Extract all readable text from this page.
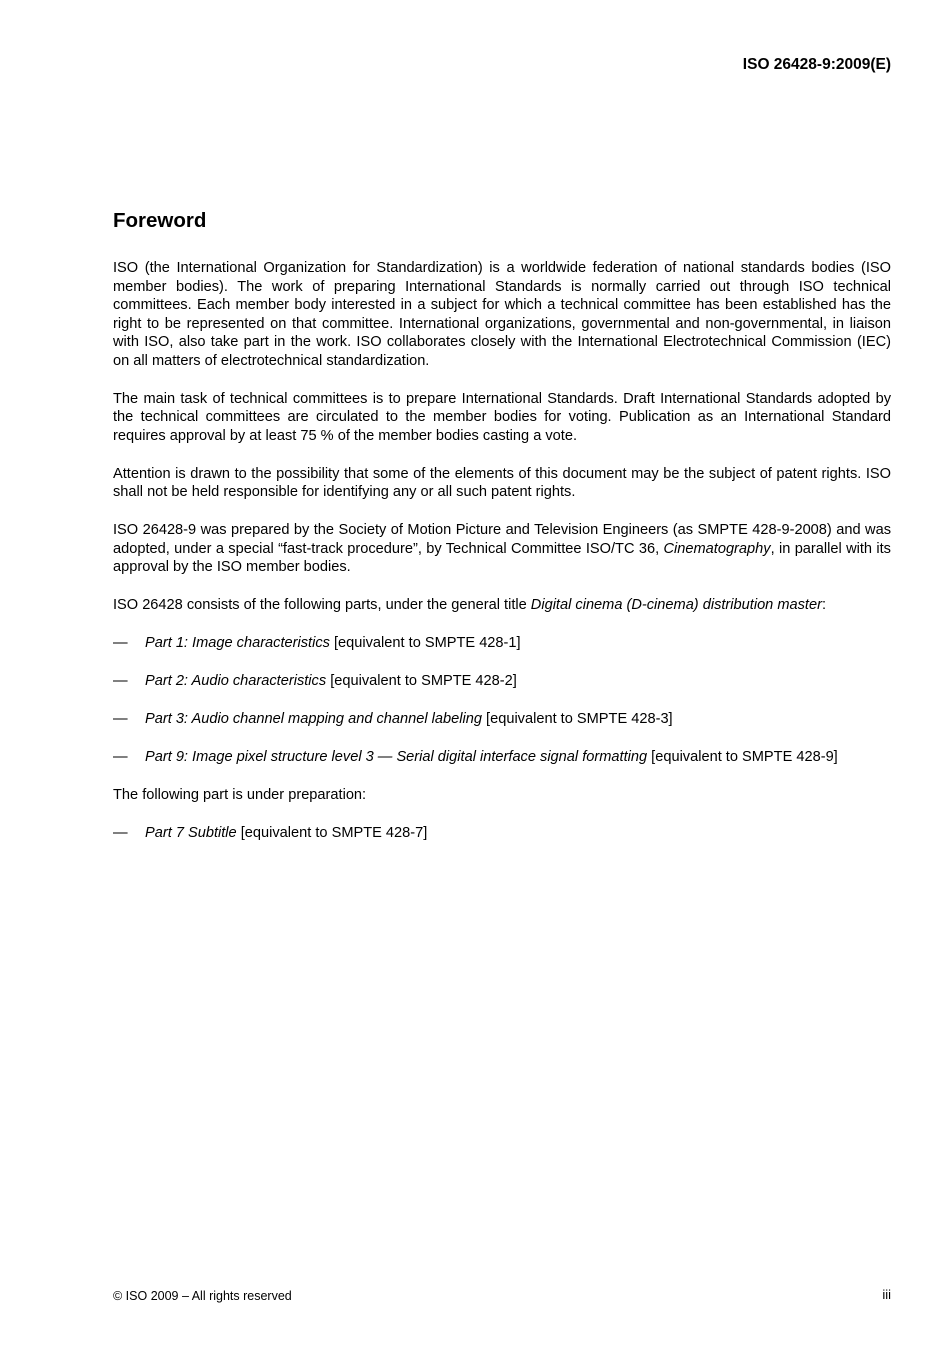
ISO 26428-9:2009(E)
Foreword

ISO (the International Organization for Standardization) is a worldwide federation of national standards bodies (ISO member bodies). The work of preparing International Standards is normally carried out through ISO technical committees. Each member body interested in a subject for which a technical committee has been established has the right to be represented on that committee. International organizations, governmental and non-governmental, in liaison with ISO, also take part in the work. ISO collaborates closely with the International Electrotechnical Commission (IEC) on all matters of electrotechnical standardization.

The main task of technical committees is to prepare International Standards. Draft International Standards adopted by the technical committees are circulated to the member bodies for voting. Publication as an International Standard requires approval by at least 75 % of the member bodies casting a vote.

Attention is drawn to the possibility that some of the elements of this document may be the subject of patent rights. ISO shall not be held responsible for identifying any or all such patent rights.

ISO 26428-9 was prepared by the Society of Motion Picture and Television Engineers (as SMPTE 428-9-2008) and was adopted, under a special “fast-track procedure”, by Technical Committee ISO/TC 36, Cinematography, in parallel with its approval by the ISO member bodies.

ISO 26428 consists of the following parts, under the general title Digital cinema (D-cinema) distribution master:

— Part 1: Image characteristics [equivalent to SMPTE 428-1]
— Part 2: Audio characteristics [equivalent to SMPTE 428-2]
— Part 3: Audio channel mapping and channel labeling [equivalent to SMPTE 428-3]
— Part 9: Image pixel structure level 3 — Serial digital interface signal formatting [equivalent to SMPTE 428-9]

The following part is under preparation:

— Part 7 Subtitle [equivalent to SMPTE 428-7]
© ISO 2009 – All rights reserved	iii
